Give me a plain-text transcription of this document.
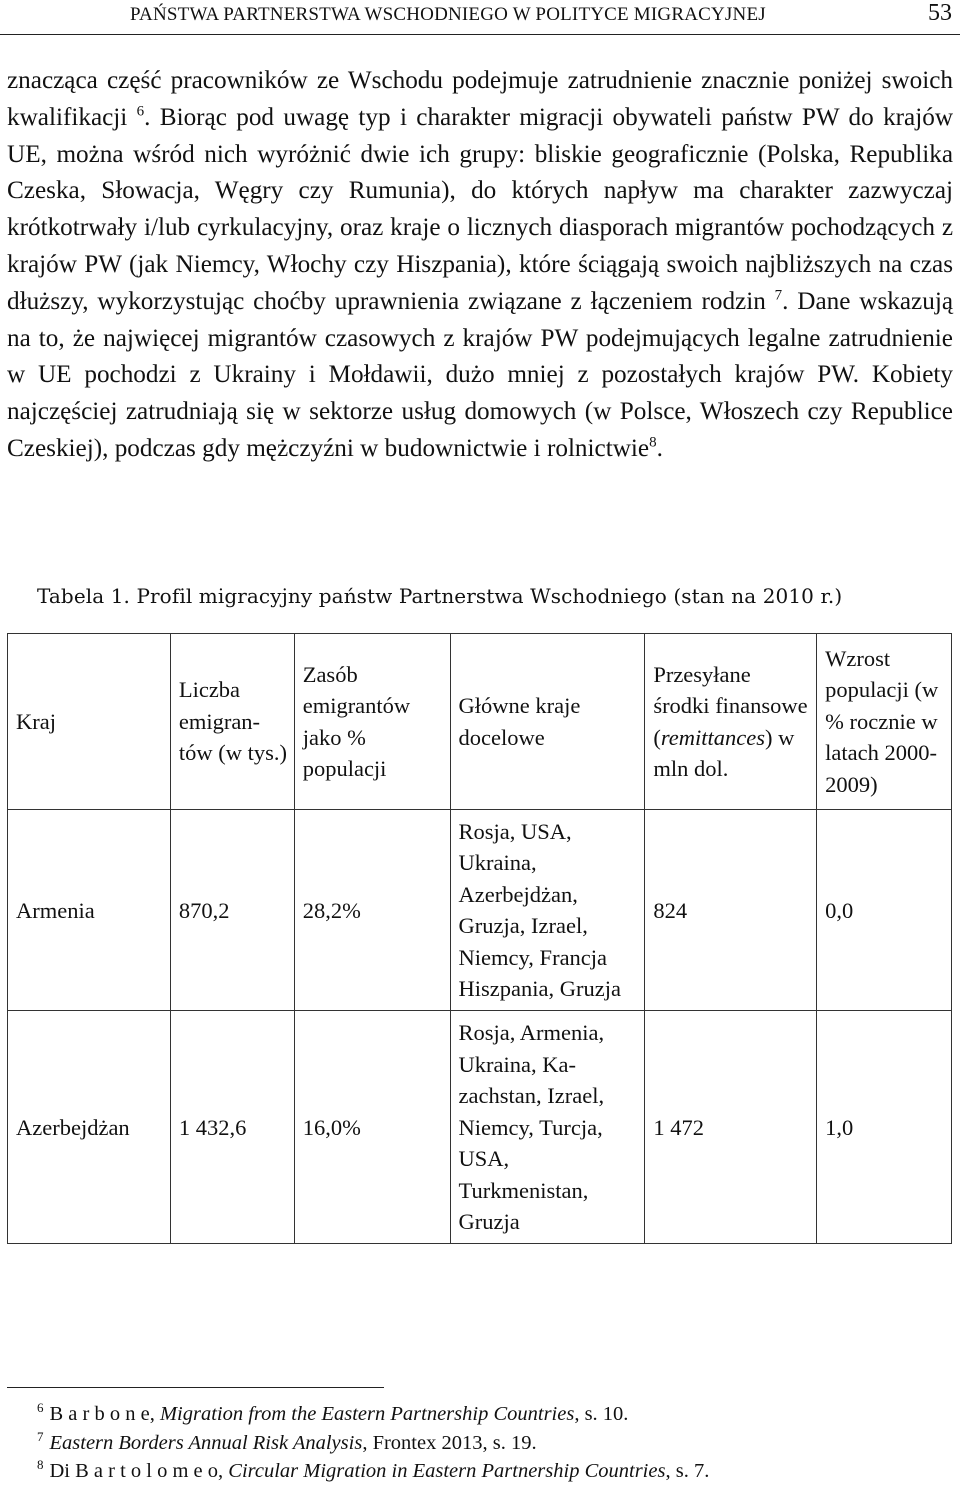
PAŃSTWA PARTNERSTWA WSCHODNIEGO W POLITYCE MIGRACYJNEJ	53

znacząca część pracowników ze Wschodu podejmuje zatrudnienie znacznie poniżej swoich kwalifikacji $^6$. Biorąc pod uwagę typ i charakter migracji obywateli państw PW do krajów UE, można wśród nich wyróżnić dwie ich grupy: bliskie geograficznie (Polska, Republika Czeska, Słowacja, Węgry czy Rumunia), do których napływ ma charakter zazwyczaj krótkotrwały i/lub cyrkulacyjny, oraz kraje o licznych diasporach migrantów pochodzących z krajów PW (jak Niemcy, Włochy czy Hiszpania), które ściągają swoich najbliższych na czas dłuższy, wykorzystując choćby uprawnienia związane z łączeniem rodzin $^7$. Dane wskazują na to, że najwięcej migrantów czasowych z krajów PW podejmujących legalne zatrudnienie w UE pochodzi z Ukrainy i Mołdawii, dużo mniej z pozostałych krajów PW. Kobiety najczęściej zatrudniają się w sektorze usług domowych (w Polsce, Włoszech czy Republice Czeskiej), podczas gdy mężczyźni w budownictwie i rolnictwie$^8$.

Tabela 1. Profil migracyjny państw Partnerstwa Wschodniego (stan na 2010 r.)
Kraj	Liczba emigran-tów (w tys.)	Zasób emigrantów jako % populacji	Główne kraje docelowe	Przesyłane środki finansowe (remittances) w mln dol.	Wzrost populacji (w % rocznie w latach 2000-2009)
Armenia	870,2	28,2%	Rosja, USA, Ukraina, Azerbejdżan, Gruzja, Izrael, Niemcy, Francja Hiszpania, Gruzja	824	0,0
Azerbejdżan	1 432,6	16,0%	Rosja, Armenia, Ukraina, Ka-zachstan, Izrael, Niemcy, Turcja, USA, Turkmenistan, Gruzja	1 472	1,0
$^6$ B a r b o n e, Migration from the Eastern Partnership Countries, s. 10.
$^7$ Eastern Borders Annual Risk Analysis, Frontex 2013, s. 19.
$^8$ Di B a r t o l o m e o, Circular Migration in Eastern Partnership Countries, s. 7.
